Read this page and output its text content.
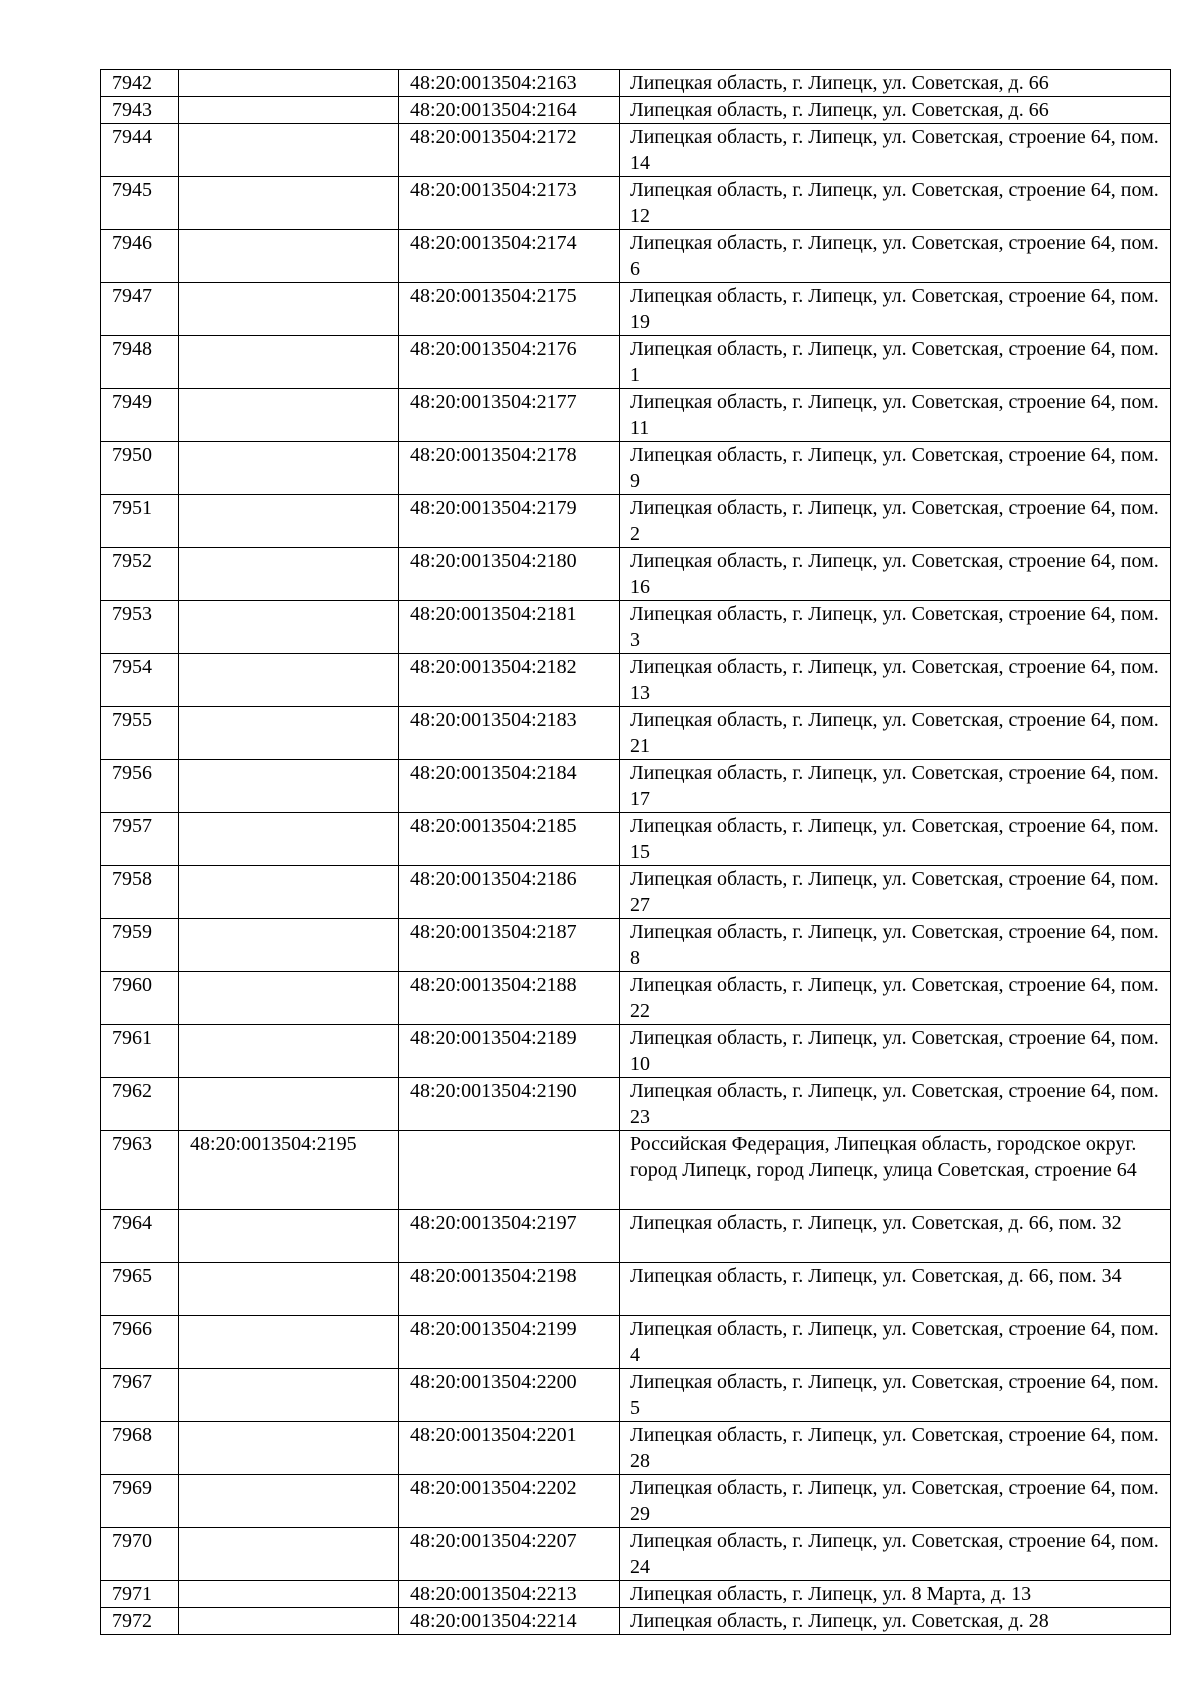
7942		48:20:0013504:2163	Липецкая область, г. Липецк, ул. Советская, д. 66
7943		48:20:0013504:2164	Липецкая область, г. Липецк, ул. Советская, д. 66
7944		48:20:0013504:2172	Липецкая область, г. Липецк, ул. Советская, строение 64, пом. 14
7945		48:20:0013504:2173	Липецкая область, г. Липецк, ул. Советская, строение 64, пом. 12
7946		48:20:0013504:2174	Липецкая область, г. Липецк, ул. Советская, строение 64, пом. 6
7947		48:20:0013504:2175	Липецкая область, г. Липецк, ул. Советская, строение 64, пом. 19
7948		48:20:0013504:2176	Липецкая область, г. Липецк, ул. Советская, строение 64, пом. 1
7949		48:20:0013504:2177	Липецкая область, г. Липецк, ул. Советская, строение 64, пом. 11
7950		48:20:0013504:2178	Липецкая область, г. Липецк, ул. Советская, строение 64, пом. 9
7951		48:20:0013504:2179	Липецкая область, г. Липецк, ул. Советская, строение 64, пом. 2
7952		48:20:0013504:2180	Липецкая область, г. Липецк, ул. Советская, строение 64, пом. 16
7953		48:20:0013504:2181	Липецкая область, г. Липецк, ул. Советская, строение 64, пом. 3
7954		48:20:0013504:2182	Липецкая область, г. Липецк, ул. Советская, строение 64, пом. 13
7955		48:20:0013504:2183	Липецкая область, г. Липецк, ул. Советская, строение 64, пом. 21
7956		48:20:0013504:2184	Липецкая область, г. Липецк, ул. Советская, строение 64, пом. 17
7957		48:20:0013504:2185	Липецкая область, г. Липецк, ул. Советская, строение 64, пом. 15
7958		48:20:0013504:2186	Липецкая область, г. Липецк, ул. Советская, строение 64, пом. 27
7959		48:20:0013504:2187	Липецкая область, г. Липецк, ул. Советская, строение 64, пом. 8
7960		48:20:0013504:2188	Липецкая область, г. Липецк, ул. Советская, строение 64, пом. 22
7961		48:20:0013504:2189	Липецкая область, г. Липецк, ул. Советская, строение 64, пом. 10
7962		48:20:0013504:2190	Липецкая область, г. Липецк, ул. Советская, строение 64, пом. 23
7963	48:20:0013504:2195		Российская Федерация, Липецкая область, городское округ. город Липецк, город Липецк, улица Советская, строение 64
7964		48:20:0013504:2197	Липецкая область, г. Липецк, ул. Советская, д. 66, пом. 32
7965		48:20:0013504:2198	Липецкая область, г. Липецк, ул. Советская, д. 66, пом. 34
7966		48:20:0013504:2199	Липецкая область, г. Липецк, ул. Советская, строение 64, пом. 4
7967		48:20:0013504:2200	Липецкая область, г. Липецк, ул. Советская, строение 64, пом. 5
7968		48:20:0013504:2201	Липецкая область, г. Липецк, ул. Советская, строение 64, пом. 28
7969		48:20:0013504:2202	Липецкая область, г. Липецк, ул. Советская, строение 64, пом. 29
7970		48:20:0013504:2207	Липецкая область, г. Липецк, ул. Советская, строение 64, пом. 24
7971		48:20:0013504:2213	Липецкая область, г. Липецк, ул. 8 Марта, д. 13
7972		48:20:0013504:2214	Липецкая область, г. Липецк, ул. Советская, д. 28
